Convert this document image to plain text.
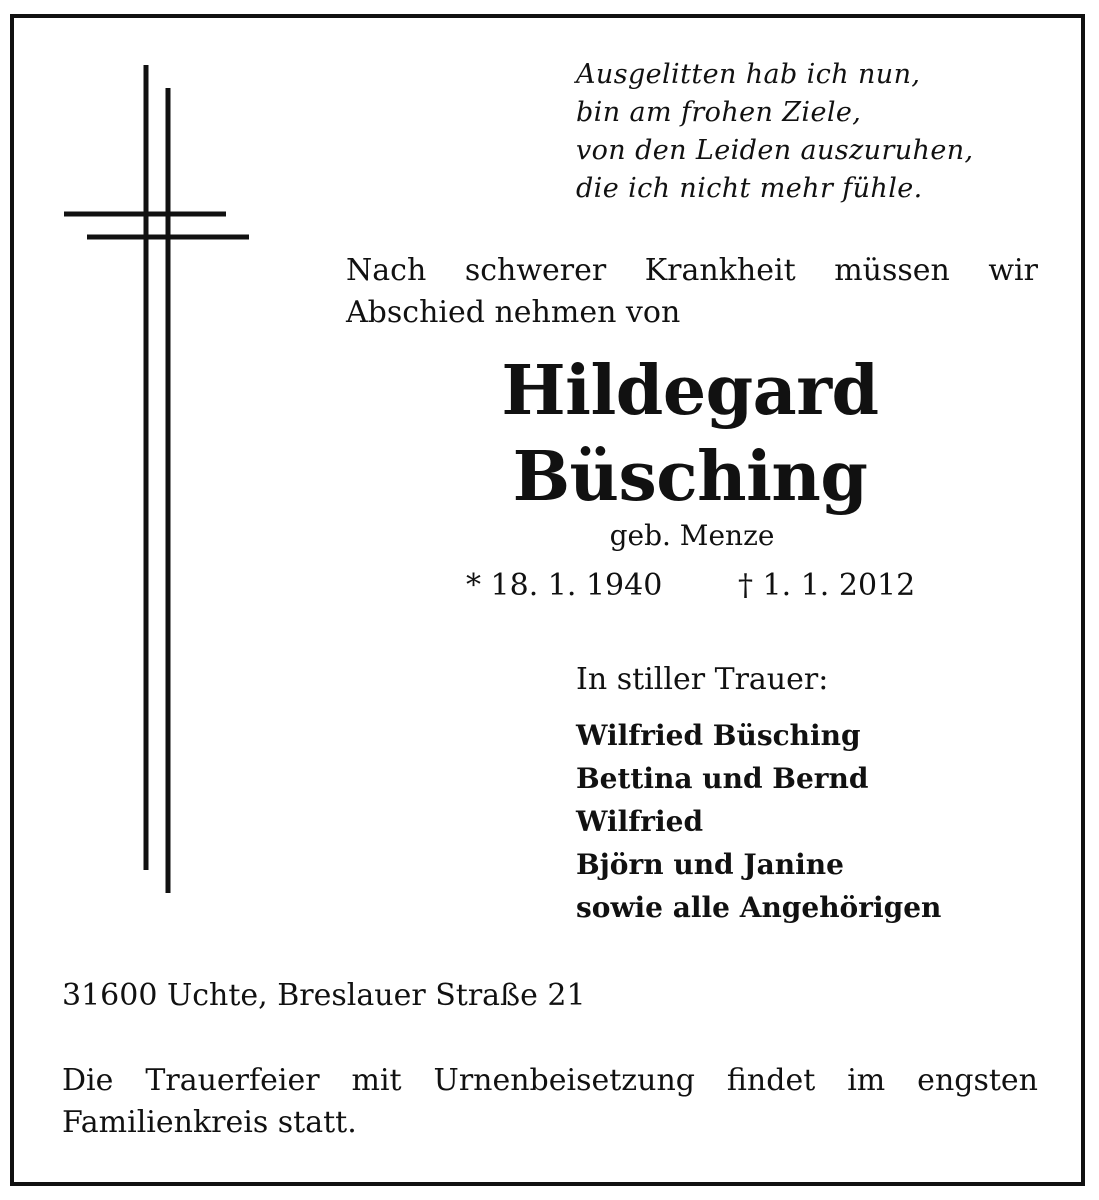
Ausgelitten hab ich nun,
bin am frohen Ziele,
von den Leiden auszuruhen,
die ich nicht mehr fühle.
Nach schwerer Krankheit müssen wir
Abschied nehmen von
Hildegard
Büsching
geb. Menze
* 18. 1. 1940	† 1. 1. 2012
In stiller Trauer:
Wilfried Büsching
Bettina und Bernd
Wilfried
Björn und Janine
sowie alle Angehörigen
31600 Uchte, Breslauer Straße 21
Die Trauerfeier mit Urnenbeisetzung findet im engsten
Familienkreis statt.
